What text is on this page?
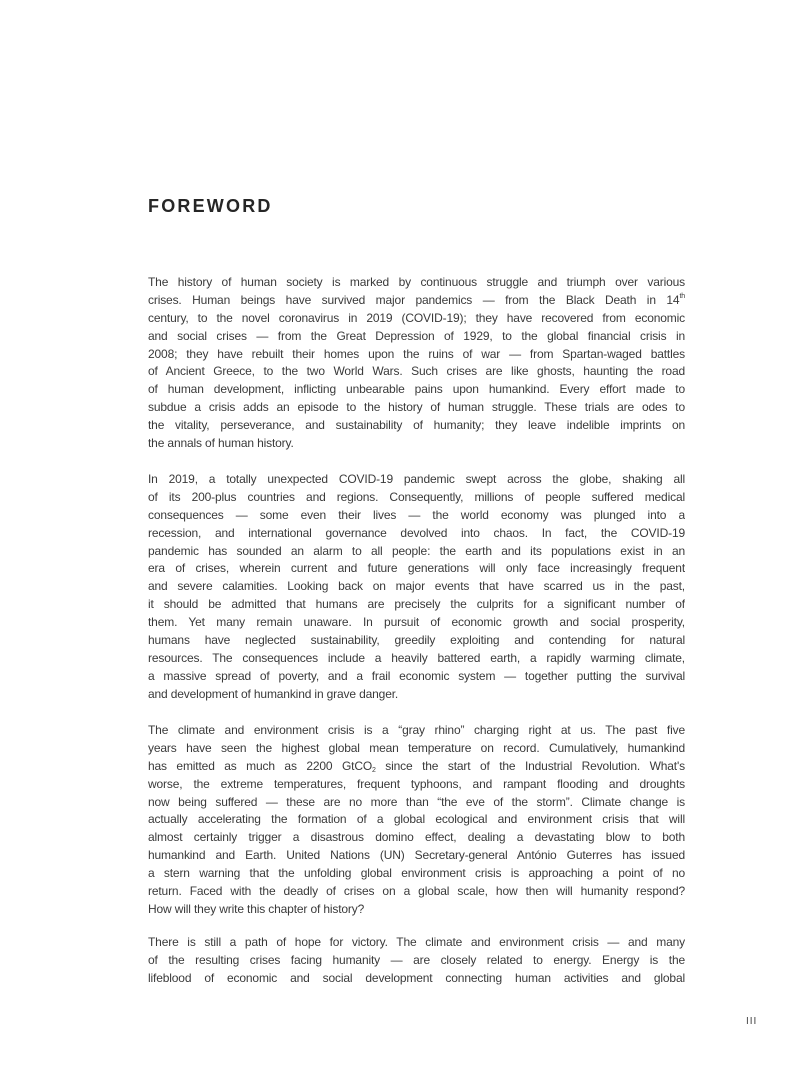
FOREWORD
The history of human society is marked by continuous struggle and triumph over various
crises. Human beings have survived major pandemics — from the Black Death in 14th
century, to the novel coronavirus in 2019 (COVID-19); they have recovered from economic
and social crises — from the Great Depression of 1929, to the global financial crisis in
2008; they have rebuilt their homes upon the ruins of war — from Spartan-waged battles
of Ancient Greece, to the two World Wars. Such crises are like ghosts, haunting the road
of human development, inflicting unbearable pains upon humankind. Every effort made to
subdue a crisis adds an episode to the history of human struggle. These trials are odes to
the vitality, perseverance, and sustainability of humanity; they leave indelible imprints on
the annals of human history.
In 2019, a totally unexpected COVID-19 pandemic swept across the globe, shaking all
of its 200-plus countries and regions. Consequently, millions of people suffered medical
consequences — some even their lives — the world economy was plunged into a
recession, and international governance devolved into chaos. In fact, the COVID-19
pandemic has sounded an alarm to all people: the earth and its populations exist in an
era of crises, wherein current and future generations will only face increasingly frequent
and severe calamities. Looking back on major events that have scarred us in the past,
it should be admitted that humans are precisely the culprits for a significant number of
them. Yet many remain unaware. In pursuit of economic growth and social prosperity,
humans have neglected sustainability, greedily exploiting and contending for natural
resources. The consequences include a heavily battered earth, a rapidly warming climate,
a massive spread of poverty, and a frail economic system — together putting the survival
and development of humankind in grave danger.
The climate and environment crisis is a “gray rhino” charging right at us. The past five
years have seen the highest global mean temperature on record. Cumulatively, humankind
has emitted as much as 2200 GtCO$_2$ since the start of the Industrial Revolution. What's
worse, the extreme temperatures, frequent typhoons, and rampant flooding and droughts
now being suffered — these are no more than “the eve of the storm”. Climate change is
actually accelerating the formation of a global ecological and environment crisis that will
almost certainly trigger a disastrous domino effect, dealing a devastating blow to both
humankind and Earth. United Nations (UN) Secretary-general António Guterres has issued
a stern warning that the unfolding global environment crisis is approaching a point of no
return. Faced with the deadly of crises on a global scale, how then will humanity respond?
How will they write this chapter of history?
There is still a path of hope for victory. The climate and environment crisis — and many
of the resulting crises facing humanity — are closely related to energy. Energy is the
lifeblood of economic and social development connecting human activities and global
III
